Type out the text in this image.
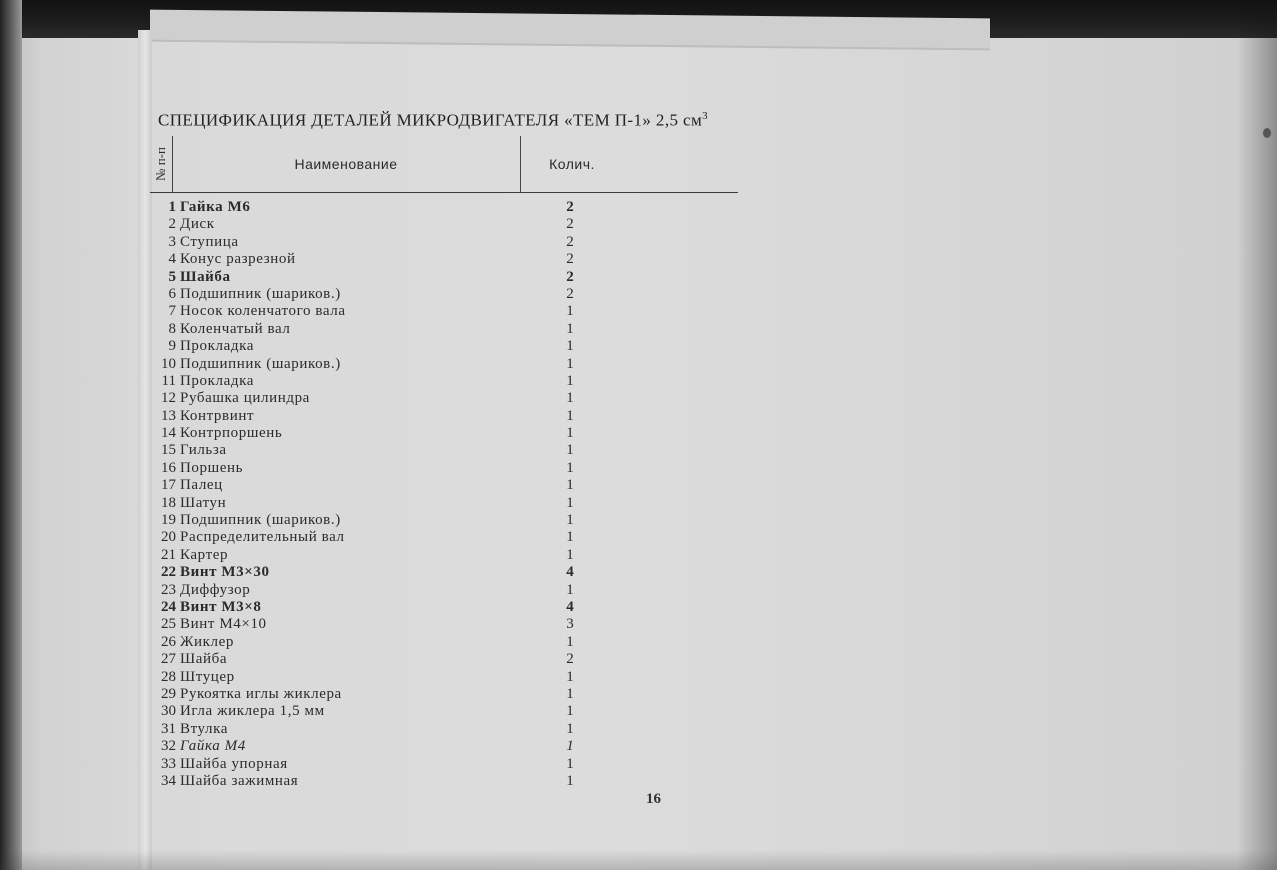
СПЕЦИФИКАЦИЯ ДЕТАЛЕЙ МИКРОДВИГАТЕЛЯ «ТЕМ П-1» 2,5 $см^3$
№ п-п	Наименование	Колич.
1 Гайка М6	2
2 Диск	2
3 Ступица	2
4 Конус разрезной	2
5 Шайба	2
6 Подшипник (шариков.)	2
7 Носок коленчатого вала	1
8 Коленчатый вал	1
9 Прокладка	1
10 Подшипник (шариков.)	1
11 Прокладка	1
12 Рубашка цилиндра	1
13 Контрвинт	1
14 Контрпоршень	1
15 Гильза	1
16 Поршень	1
17 Палец	1
18 Шатун	1
19 Подшипник (шариков.)	1
20 Распределительный вал	1
21 Картер	1
22 Винт М3×30	4
23 Диффузор	1
24 Винт М3×8	4
25 Винт М4×10	3
26 Жиклер	1
27 Шайба	2
28 Штуцер	1
29 Рукоятка иглы жиклера	1
30 Игла жиклера 1,5 мм	1
31 Втулка	1
32 Гайка М4	1
33 Шайба упорная	1
34 Шайба зажимная	1
16
